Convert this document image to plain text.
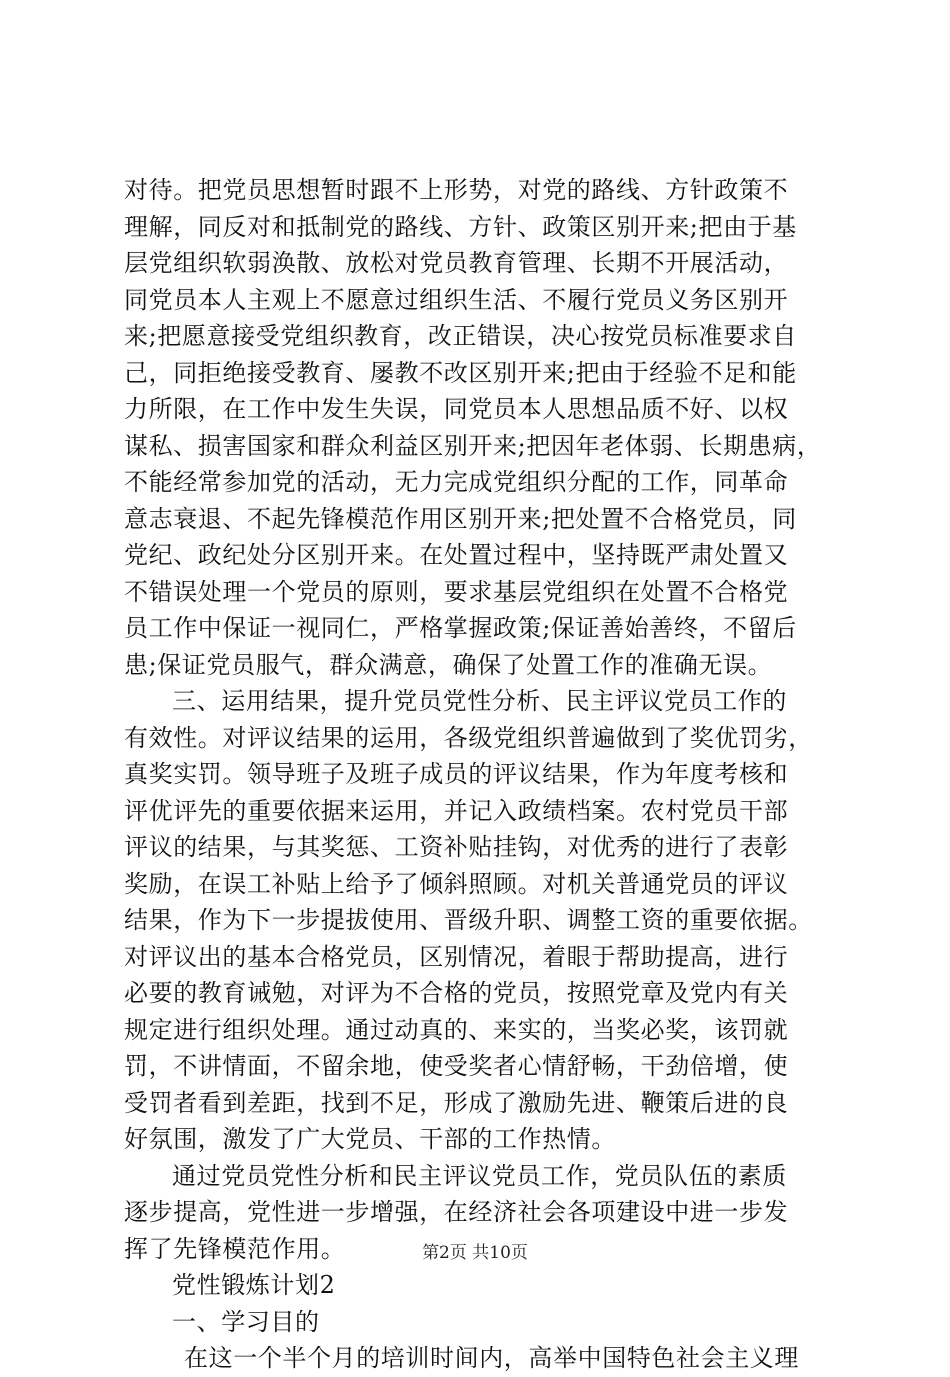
对待。把党员思想暂时跟不上形势，对党的路线、方针政策不
理解，同反对和抵制党的路线、方针、政策区别开来;把由于基
层党组织软弱涣散、放松对党员教育管理、长期不开展活动，
同党员本人主观上不愿意过组织生活、不履行党员义务区别开
来;把愿意接受党组织教育，改正错误，决心按党员标准要求自
己，同拒绝接受教育、屡教不改区别开来;把由于经验不足和能
力所限，在工作中发生失误，同党员本人思想品质不好、以权
谋私、损害国家和群众利益区别开来;把因年老体弱、长期患病，
不能经常参加党的活动，无力完成党组织分配的工作，同革命
意志衰退、不起先锋模范作用区别开来;把处置不合格党员，同
党纪、政纪处分区别开来。在处置过程中，坚持既严肃处置又
不错误处理一个党员的原则，要求基层党组织在处置不合格党
员工作中保证一视同仁，严格掌握政策;保证善始善终，不留后
患;保证党员服气，群众满意，确保了处置工作的准确无误。
三、运用结果，提升党员党性分析、民主评议党员工作的
有效性。对评议结果的运用，各级党组织普遍做到了奖优罚劣，
真奖实罚。领导班子及班子成员的评议结果，作为年度考核和
评优评先的重要依据来运用，并记入政绩档案。农村党员干部
评议的结果，与其奖惩、工资补贴挂钩，对优秀的进行了表彰
奖励，在误工补贴上给予了倾斜照顾。对机关普通党员的评议
结果，作为下一步提拔使用、晋级升职、调整工资的重要依据。
对评议出的基本合格党员，区别情况，着眼于帮助提高，进行
必要的教育诫勉，对评为不合格的党员，按照党章及党内有关
规定进行组织处理。通过动真的、来实的，当奖必奖，该罚就
罚，不讲情面，不留余地，使受奖者心情舒畅，干劲倍增，使
受罚者看到差距，找到不足，形成了激励先进、鞭策后进的良
好氛围，激发了广大党员、干部的工作热情。
通过党员党性分析和民主评议党员工作，党员队伍的素质
逐步提高，党性进一步增强，在经济社会各项建设中进一步发
挥了先锋模范作用。
党性锻炼计划2
一、学习目的
在这一个半个月的培训时间内，高举中国特色社会主义理
第2页 共10页
